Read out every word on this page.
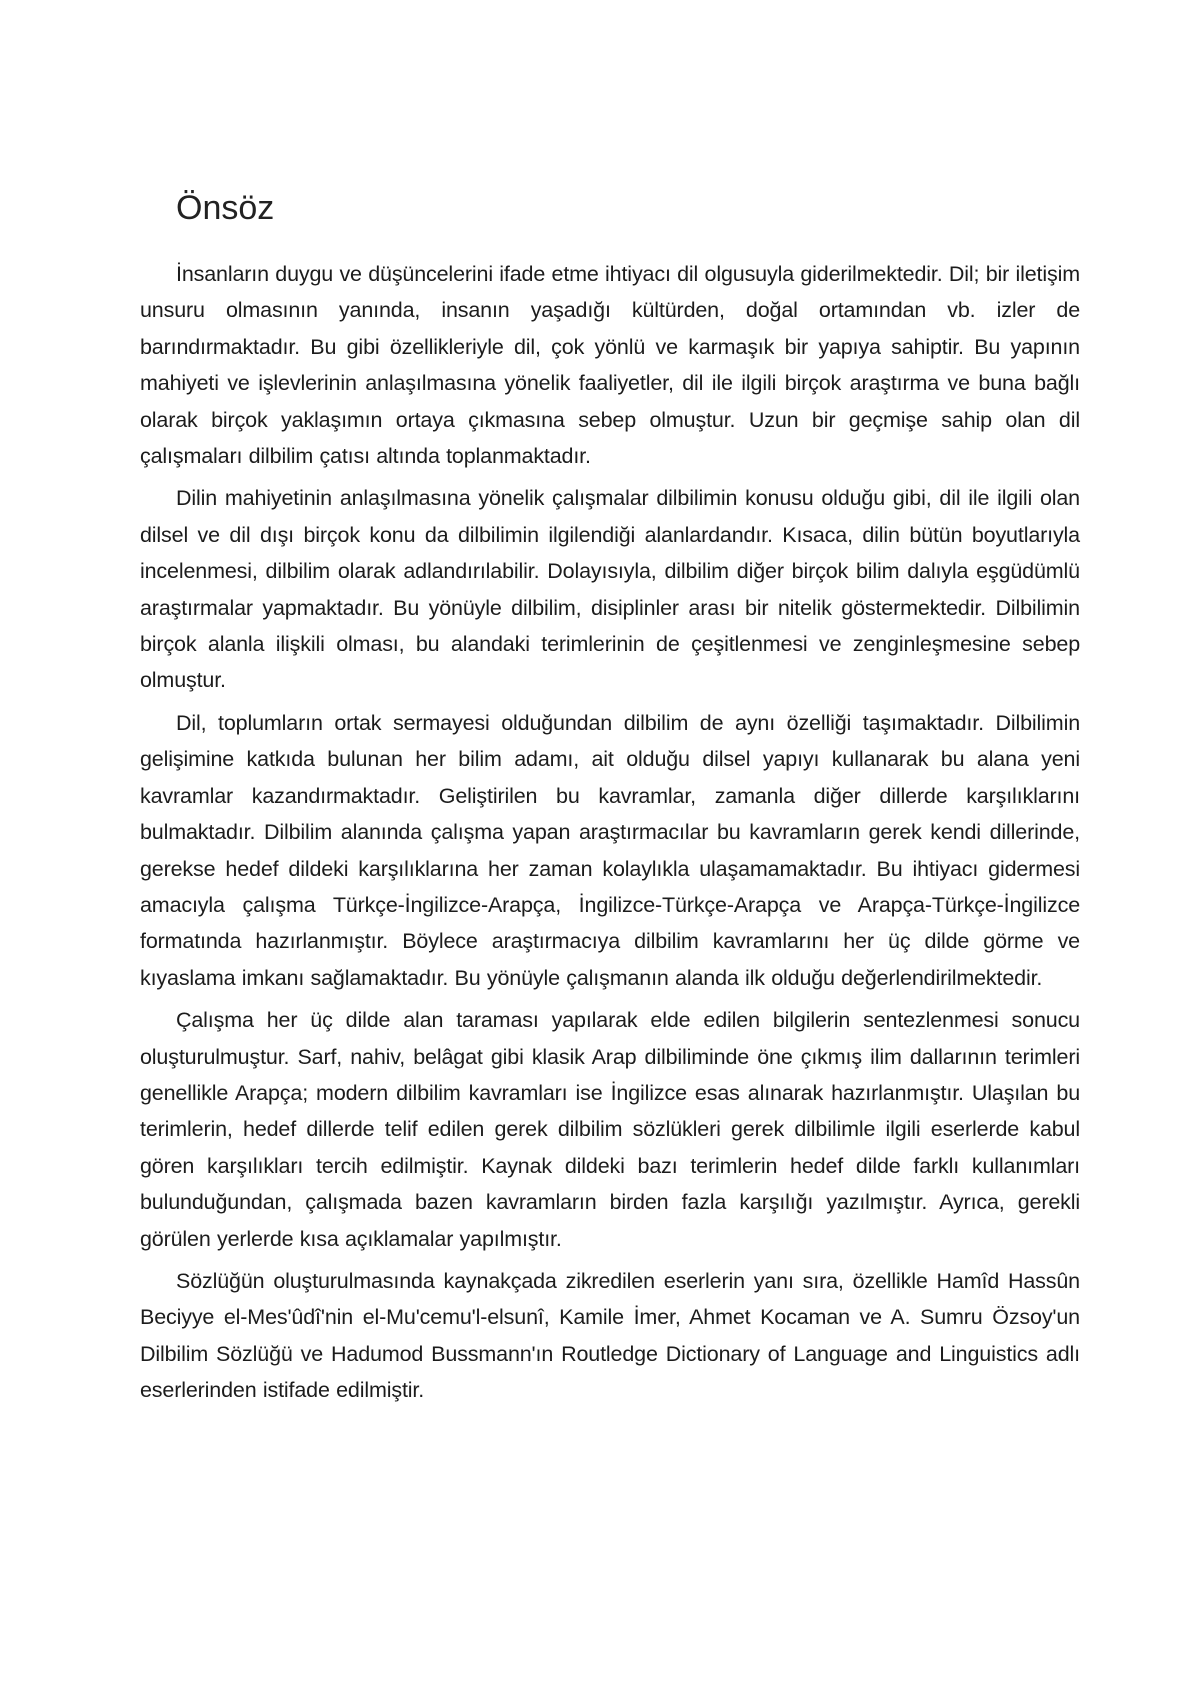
Önsöz

İnsanların duygu ve düşüncelerini ifade etme ihtiyacı dil olgusuyla giderilmektedir. Dil; bir iletişim unsuru olmasının yanında, insanın yaşadığı kültürden, doğal ortamından vb. izler de barındırmaktadır. Bu gibi özellikleriyle dil, çok yönlü ve karmaşık bir yapıya sahiptir. Bu yapının mahiyeti ve işlevlerinin anlaşılmasına yönelik faaliyetler, dil ile ilgili birçok araştırma ve buna bağlı olarak birçok yaklaşımın ortaya çıkmasına sebep olmuştur. Uzun bir geçmişe sahip olan dil çalışmaları dilbilim çatısı altında toplanmaktadır.

Dilin mahiyetinin anlaşılmasına yönelik çalışmalar dilbilimin konusu olduğu gibi, dil ile ilgili olan dilsel ve dil dışı birçok konu da dilbilimin ilgilendiği alanlardandır. Kısaca, dilin bütün boyutlarıyla incelenmesi, dilbilim olarak adlandırılabilir. Dolayısıyla, dilbilim diğer birçok bilim dalıyla eşgüdümlü araştırmalar yapmaktadır. Bu yönüyle dilbilim, disiplinler arası bir nitelik göstermektedir. Dilbilimin birçok alanla ilişkili olması, bu alandaki terimlerinin de çeşitlenmesi ve zenginleşmesine sebep olmuştur.

Dil, toplumların ortak sermayesi olduğundan dilbilim de aynı özelliği taşımaktadır. Dilbilimin gelişimine katkıda bulunan her bilim adamı, ait olduğu dilsel yapıyı kullanarak bu alana yeni kavramlar kazandırmaktadır. Geliştirilen bu kavramlar, zamanla diğer dillerde karşılıklarını bulmaktadır. Dilbilim alanında çalışma yapan araştırmacılar bu kavramların gerek kendi dillerinde, gerekse hedef dildeki karşılıklarına her zaman kolaylıkla ulaşamamaktadır. Bu ihtiyacı gidermesi amacıyla çalışma Türkçe-İngilizce-Arapça, İngilizce-Türkçe-Arapça ve Arapça-Türkçe-İngilizce formatında hazırlanmıştır. Böylece araştırmacıya dilbilim kavramlarını her üç dilde görme ve kıyaslama imkanı sağlamaktadır. Bu yönüyle çalışmanın alanda ilk olduğu değerlendirilmektedir.

Çalışma her üç dilde alan taraması yapılarak elde edilen bilgilerin sentezlenmesi sonucu oluşturulmuştur. Sarf, nahiv, belâgat gibi klasik Arap dilbiliminde öne çıkmış ilim dallarının terimleri genellikle Arapça; modern dilbilim kavramları ise İngilizce esas alınarak hazırlanmıştır. Ulaşılan bu terimlerin, hedef dillerde telif edilen gerek dilbilim sözlükleri gerek dilbilimle ilgili eserlerde kabul gören karşılıkları tercih edilmiştir. Kaynak dildeki bazı terimlerin hedef dilde farklı kullanımları bulunduğundan, çalışmada bazen kavramların birden fazla karşılığı yazılmıştır. Ayrıca, gerekli görülen yerlerde kısa açıklamalar yapılmıştır.

Sözlüğün oluşturulmasında kaynakçada zikredilen eserlerin yanı sıra, özellikle Hamîd Hassûn Beciyye el-Mes'ûdî'nin el-Mu'cemu'l-elsunî, Kamile İmer, Ahmet Kocaman ve A. Sumru Özsoy'un Dilbilim Sözlüğü ve Hadumod Bussmann'ın Routledge Dictionary of Language and Linguistics adlı eserlerinden istifade edilmiştir.
